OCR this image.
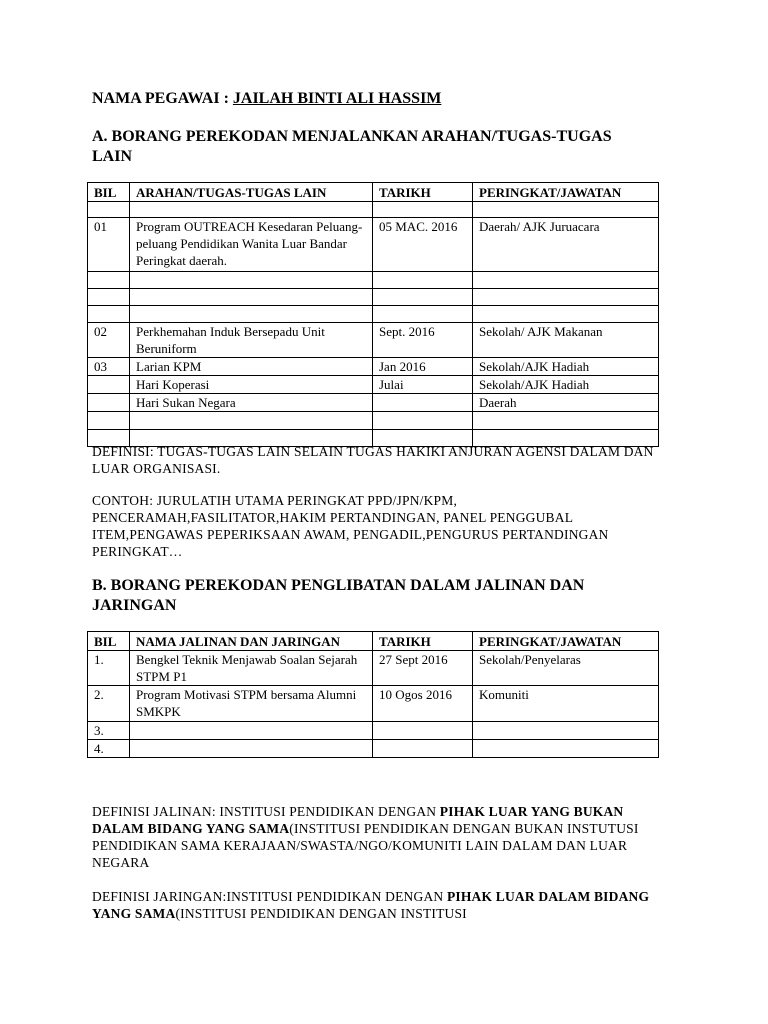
NAMA PEGAWAI : JAILAH BINTI ALI HASSIM
A. BORANG PEREKODAN MENJALANKAN ARAHAN/TUGAS-TUGAS LAIN
BIL	ARAHAN/TUGAS-TUGAS LAIN	TARIKH	PERINGKAT/JAWATAN

01	Program OUTREACH Kesedaran Peluang-peluang Pendidikan Wanita Luar Bandar Peringkat daerah.	05 MAC. 2016	Daerah/ AJK Juruacara

02	Perkhemahan Induk Bersepadu Unit Beruniform	Sept. 2016	Sekolah/ AJK Makanan
03	Larian KPM	Jan 2016	Sekolah/AJK Hadiah
	Hari Koperasi	Julai	Sekolah/AJK Hadiah
	Hari Sukan Negara		Daerah

DEFINISI: TUGAS-TUGAS LAIN SELAIN TUGAS HAKIKI ANJURAN AGENSI DALAM DAN LUAR ORGANISASI.
CONTOH: JURULATIH UTAMA PERINGKAT PPD/JPN/KPM, PENCERAMAH,FASILITATOR,HAKIM PERTANDINGAN, PANEL PENGGUBAL ITEM,PENGAWAS PEPERIKSAAN AWAM, PENGADIL,PENGURUS PERTANDINGAN PERINGKAT…
B. BORANG PEREKODAN PENGLIBATAN DALAM JALINAN DAN JARINGAN
BIL	NAMA JALINAN DAN JARINGAN	TARIKH	PERINGKAT/JAWATAN
1.	Bengkel Teknik Menjawab Soalan Sejarah STPM P1	27 Sept 2016	Sekolah/Penyelaras
2.	Program Motivasi STPM bersama Alumni SMKPK	10 Ogos 2016	Komuniti
3.			
4.			
DEFINISI JALINAN: INSTITUSI PENDIDIKAN DENGAN PIHAK LUAR YANG BUKAN DALAM BIDANG YANG SAMA(INSTITUSI PENDIDIKAN DENGAN BUKAN INSTUTUSI PENDIDIKAN SAMA KERAJAAN/SWASTA/NGO/KOMUNITI LAIN DALAM DAN LUAR NEGARA
DEFINISI JARINGAN:INSTITUSI PENDIDIKAN DENGAN PIHAK LUAR DALAM BIDANG YANG SAMA(INSTITUSI PENDIDIKAN DENGAN INSTITUSI
